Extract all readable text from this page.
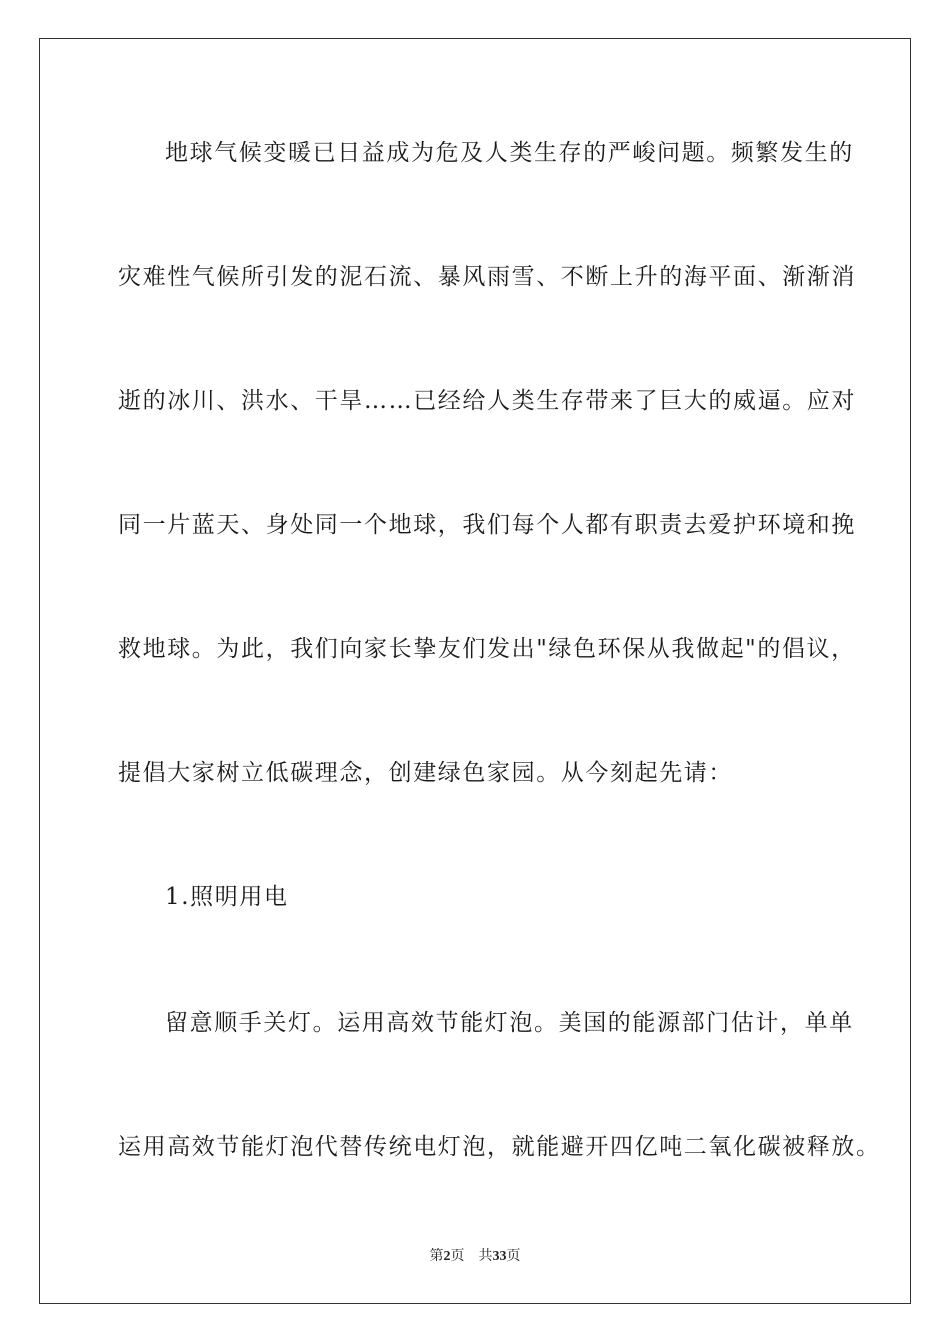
地球气候变暖已日益成为危及人类生存的严峻问题。频繁发生的
灾难性气候所引发的泥石流、暴风雨雪、不断上升的海平面、渐渐消
逝的冰川、洪水、干旱……已经给人类生存带来了巨大的威逼。应对
同一片蓝天、身处同一个地球，我们每个人都有职责去爱护环境和挽
救地球。为此，我们向家长挚友们发出"绿色环保从我做起"的倡议，
提倡大家树立低碳理念，创建绿色家园。从今刻起先请：
1.照明用电
留意顺手关灯。运用高效节能灯泡。美国的能源部门估计，单单
运用高效节能灯泡代替传统电灯泡，就能避开四亿吨二氧化碳被释放。
第2页 共33页
